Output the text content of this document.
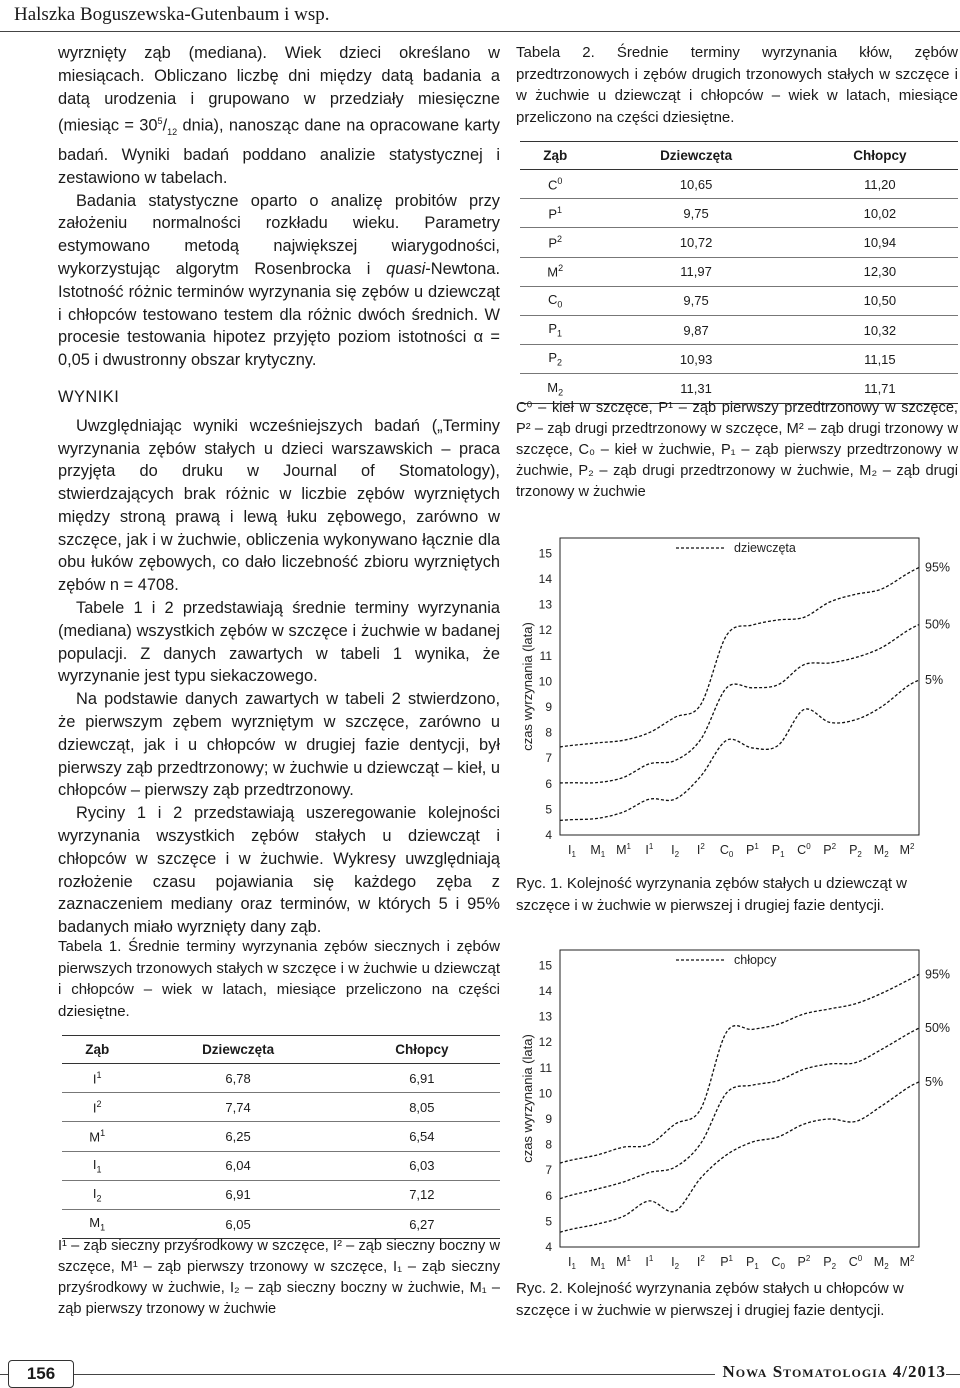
Halszka Boguszewska-Gutenbaum i wsp.

wyrznięty ząb (mediana). Wiek dzieci określano w miesiącach. Obliczano liczbę dni między datą badania a datą urodzenia i grupowano w przedziały miesięczne (miesiąc = $30^5/_{12}$ dnia), nanosząc dane na opracowane karty badań. Wyniki badań poddano analizie statystycznej i zestawiono w tabelach.

Badania statystyczne oparto o analizę probitów przy założeniu normalności rozkładu wieku. Parametry estymowano metodą największej wiarygodności, wykorzystując algorytm Rosenbrocka i quasi-Newtona. Istotność różnic terminów wyrzynania się zębów u dziewcząt i chłopców testowano testem dla różnic dwóch średnich. W procesie testowania hipotez przyjęto poziom istotności α = 0,05 i dwustronny obszar krytyczny.

WYNIKI

Uwzględniając wyniki wcześniejszych badań („Terminy wyrzynania zębów stałych u dzieci warszawskich – praca przyjęta do druku w Journal of Stomatology), stwierdzających brak różnic w liczbie zębów wyrzniętych między stroną prawą i lewą łuku zębowego, zarówno w szczęce, jak i w żuchwie, obliczenia wykonywano łącznie dla obu łuków zębowych, co dało liczebność zbioru wyrzniętych zębów n = 4708.

Tabele 1 i 2 przedstawiają średnie terminy wyrzynania (mediana) wszystkich zębów w szczęce i żuchwie w badanej populacji. Z danych zawartych w tabeli 1 wynika, że wyrzynanie jest typu siekaczowego.

Na podstawie danych zawartych w tabeli 2 stwierdzono, że pierwszym zębem wyrzniętym w szczęce, zarówno u dziewcząt, jak i u chłopców w drugiej fazie dentycji, był pierwszy ząb przedtrzonowy; w żuchwie u dziewcząt – kieł, u chłopców – pierwszy ząb przedtrzonowy.

Ryciny 1 i 2 przedstawiają uszeregowanie kolejności wyrzynania wszystkich zębów stałych u dziewcząt i chłopców w szczęce i w żuchwie. Wykresy uwzględniają rozłożenie czasu pojawiania się każdego zęba z zaznaczeniem mediany oraz terminów, w których 5 i 95% badanych miało wyrznięty dany ząb.

Tabela 2. Średnie terminy wyrzynania kłów, zębów przedtrzonowych i zębów drugich trzonowych stałych w szczęce i w żuchwie u dziewcząt i chłopców – wiek w latach, miesiące przeliczono na części dziesiętne.
Ząb	Dziewczęta	Chłopcy
$C^0$	10,65	11,20
$P^1$	9,75	10,02
$P^2$	10,72	10,94
$M^2$	11,97	12,30
$C_0$	9,75	10,50
$P_1$	9,87	10,32
$P_2$	10,93	11,15
$M_2$	11,31	11,71
C⁰ – kieł w szczęce, P¹ – ząb pierwszy przedtrzonowy w szczęce, P² – ząb drugi przedtrzonowy w szczęce, M² – ząb drugi trzonowy w szczęce, C₀ – kieł w żuchwie, P₁ – ząb pierwszy przedtrzonowy w żuchwie, P₂ – ząb drugi przedtrzonowy w żuchwie, M₂ – ząb drugi trzonowy w żuchwie
Tabela 1. Średnie terminy wyrzynania zębów siecznych i zębów pierwszych trzonowych stałych w szczęce i w żuchwie u dziewcząt i chłopców – wiek w latach, miesiące przeliczono na części dziesiętne.
Ząb	Dziewczęta	Chłopcy
$I^1$	6,78	6,91
$I^2$	7,74	8,05
$M^1$	6,25	6,54
$I_1$	6,04	6,03
$I_2$	6,91	7,12
$M_1$	6,05	6,27
I¹ – ząb sieczny przyśrodkowy w szczęce, I² – ząb sieczny boczny w szczęce, M¹ – ząb pierwszy trzonowy w szczęce, I₁ – ząb sieczny przyśrodkowy w żuchwie, I₂ – ząb sieczny boczny w żuchwie, M₁ – ząb pierwszy trzonowy w żuchwie
4
5
6
7
8
9
10
11
12
13
14
15
czas wyrzynania (lata)
$I_1$ $M_1$ $M^1$ $I^1$ $I_2$ $I^2$ $C_0$ $P^1$ $P_1$ $C^0$ $P^2$ $P_2$ $M_2$ $M^2$
95%
50%
5%
dziewczęta
Ryc. 1. Kolejność wyrzynania zębów stałych u dziewcząt w szczęce i w żuchwie w pierwszej i drugiej fazie dentycji.
4
5
6
7
8
9
10
11
12
13
14
15
czas wyrzynania (lata)
$I_1$ $M_1$ $M^1$ $I^1$ $I_2$ $I^2$ $P^1$ $P_1$ $C_0$ $P^2$ $P_2$ $C^0$ $M_2$ $M^2$
95%
50%
5%
chłopcy
Ryc. 2. Kolejność wyrzynania zębów stałych u chłopców w szczęce i w żuchwie w pierwszej i drugiej fazie dentycji.
156	Nowa Stomatologia 4/2013
